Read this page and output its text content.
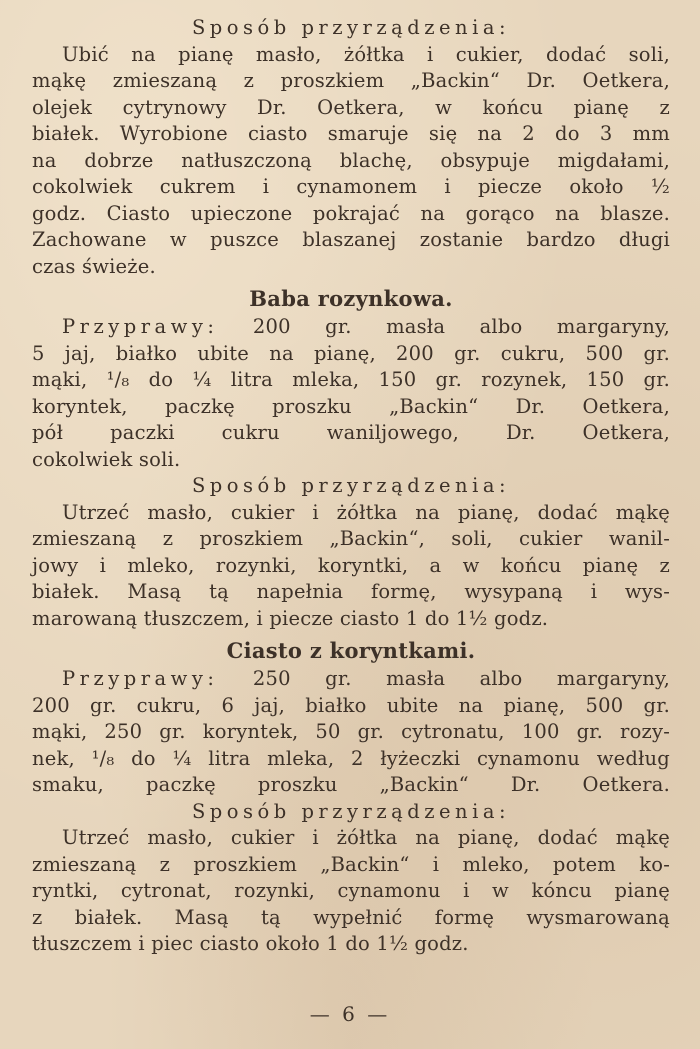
Sposób przyrządzenia:
Ubić na pianę masło, żółtka i cukier, dodać soli,
mąkę zmieszaną z proszkiem „Backin“ Dr. Oetkera,
olejek cytrynowy Dr. Oetkera, w końcu pianę z
białek. Wyrobione ciasto smaruje się na 2 do 3 mm
na dobrze natłuszczoną blachę, obsypuje migdałami,
cokolwiek cukrem i cynamonem i piecze około ½
godz. Ciasto upieczone pokrajać na gorąco na blasze.
Zachowane w puszce blaszanej zostanie bardzo długi
czas świeże.
Baba rozynkowa.
Przyprawy: 200 gr. masła albo margaryny,
5 jaj, białko ubite na pianę, 200 gr. cukru, 500 gr.
mąki, ¹/₈ do ¼ litra mleka, 150 gr. rozynek, 150 gr.
koryntek, paczkę proszku „Backin“ Dr. Oetkera,
pół paczki cukru waniljowego, Dr. Oetkera,
cokolwiek soli.
Sposób przyrządzenia:
Utrzeć masło, cukier i żółtka na pianę, dodać mąkę
zmieszaną z proszkiem „Backin“, soli, cukier wanil-
jowy i mleko, rozynki, koryntki, a w końcu pianę z
białek. Masą tą napełnia formę, wysypaną i wys-
marowaną tłuszczem, i piecze ciasto 1 do 1½ godz.
Ciasto z koryntkami.
Przyprawy: 250 gr. masła albo margaryny,
200 gr. cukru, 6 jaj, białko ubite na pianę, 500 gr.
mąki, 250 gr. koryntek, 50 gr. cytronatu, 100 gr. rozy-
nek, ¹/₈ do ¼ litra mleka, 2 łyżeczki cynamonu według
smaku, paczkę proszku „Backin“ Dr. Oetkera.
Sposób przyrządzenia:
Utrzeć masło, cukier i żółtka na pianę, dodać mąkę
zmieszaną z proszkiem „Backin“ i mleko, potem ko-
ryntki, cytronat, rozynki, cynamonu i w kóncu pianę
z białek. Masą tą wypełnić formę wysmarowaną
tłuszczem i piec ciasto około 1 do 1½ godz.
— 6 —
